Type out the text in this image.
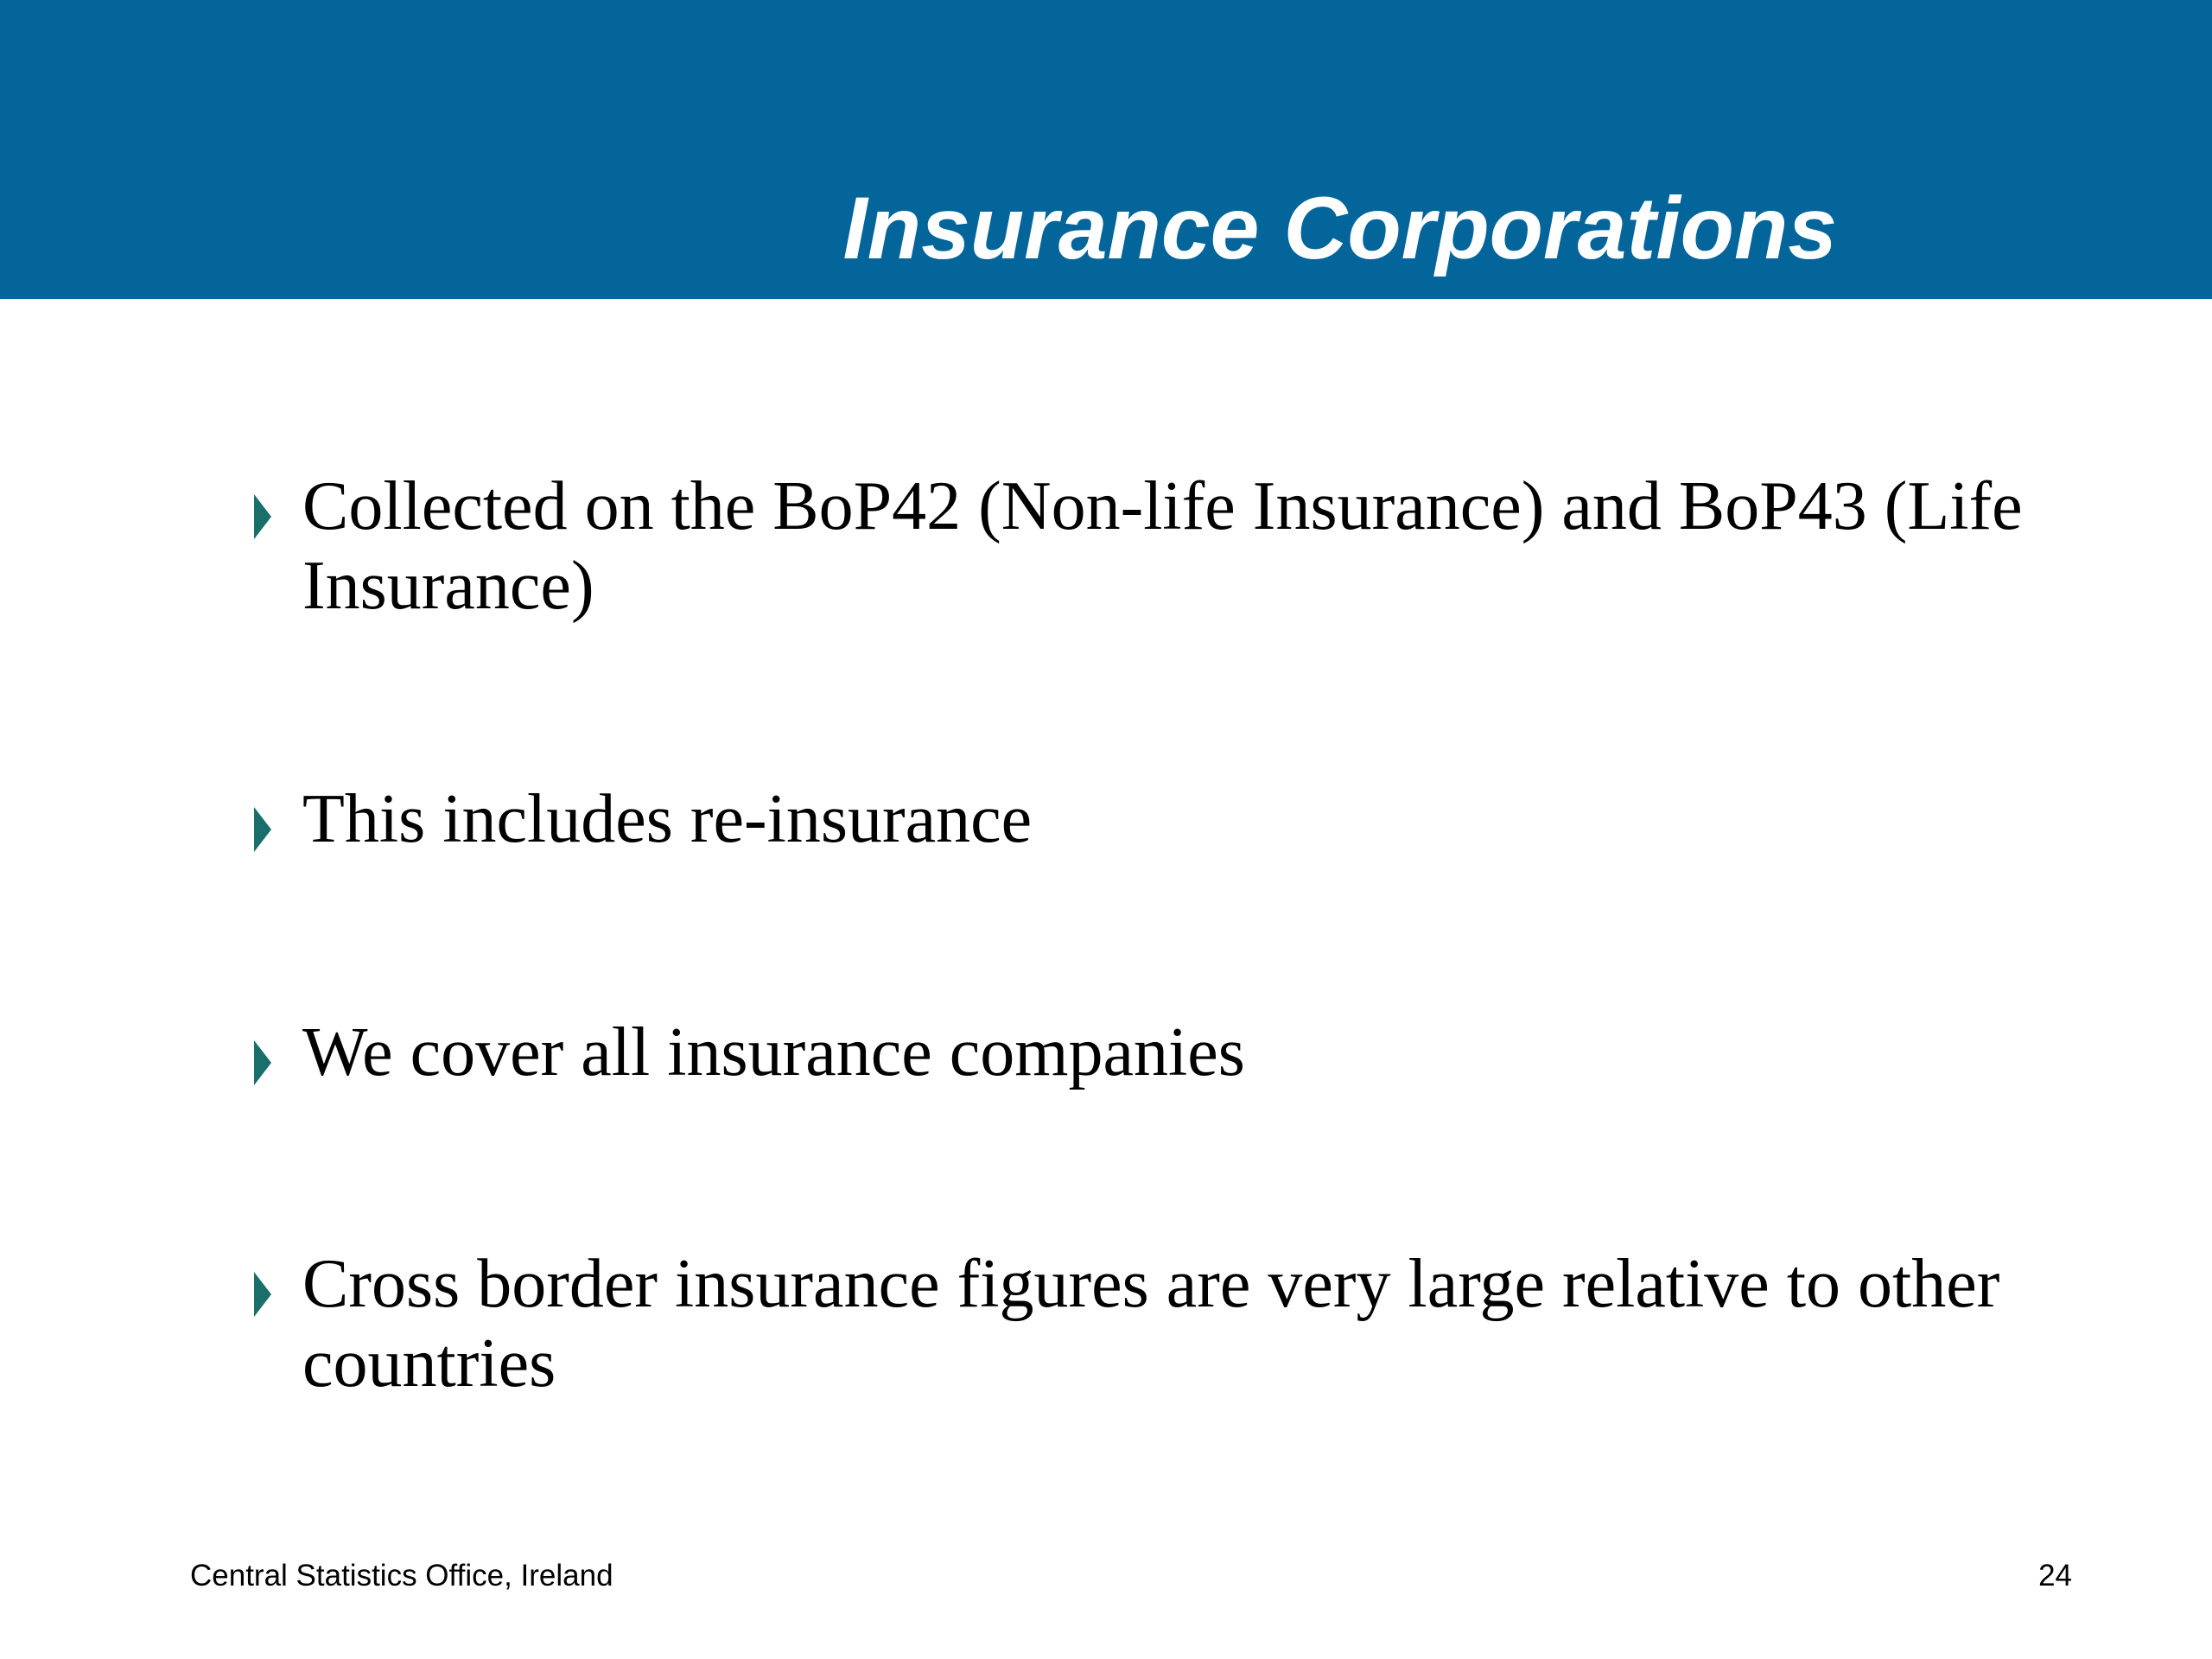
Insurance Corporations
Collected on the BoP42 (Non-life Insurance) and BoP43 (Life Insurance)
This includes re-insurance
We cover all insurance companies
Cross border insurance figures are very large relative to other countries
Central Statistics Office, Ireland	24
